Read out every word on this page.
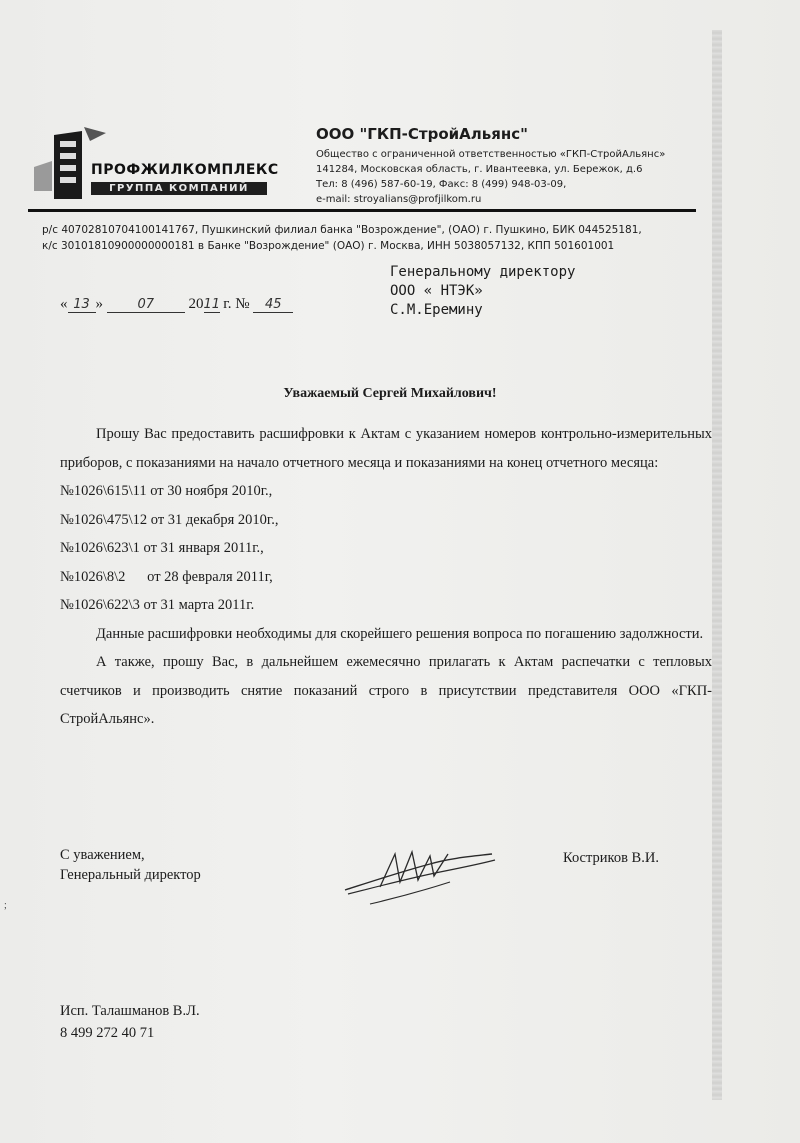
ПРОФЖИЛКОМПЛЕКС
ГРУППА КОМПАНИЙ
ООО "ГКП-СтройАльянс"
Общество с ограниченной ответственностью «ГКП-СтройАльянс»
141284, Московская область, г. Ивантеевка, ул. Бережок, д.6
Тел: 8 (496) 587-60-19, Факс: 8 (499) 948-03-09,
e-mail: stroyalians@profjilkom.ru
р/с 40702810704100141767, Пушкинский филиал банка "Возрождение", (ОАО) г. Пушкино, БИК 044525181,
к/с 30101810900000000181 в Банке "Возрождение" (ОАО) г. Москва, ИНН 5038057132, КПП 501601001
« 13 »	07 2011 г. № 45
Генеральному директору
ООО « НТЭК»
С.М.Еремину
Уважаемый Сергей Михайлович!

Прошу Вас предоставить расшифровки к Актам с указанием номеров контрольно-измерительных приборов, с показаниями на начало отчетного месяца и показаниями на конец отчетного месяца:

№1026\615\11 от 30 ноября 2010г.,
№1026\475\12 от 31 декабря 2010г.,
№1026\623\1 от 31 января 2011г.,
№1026\8\2      от 28 февраля 2011г,
№1026\622\3 от 31 марта 2011г.

Данные расшифровки необходимы для скорейшего решения вопроса по погашению задолжности.

А также, прошу Вас, в дальнейшем ежемесячно прилагать к Актам распечатки с тепловых счетчиков и производить снятие показаний строго в присутствии представителя ООО «ГКП-СтройАльянс».

С уважением,
Генеральный директор
Костриков В.И.
Исп. Талашманов В.Л.
8 499 272 40 71
;
